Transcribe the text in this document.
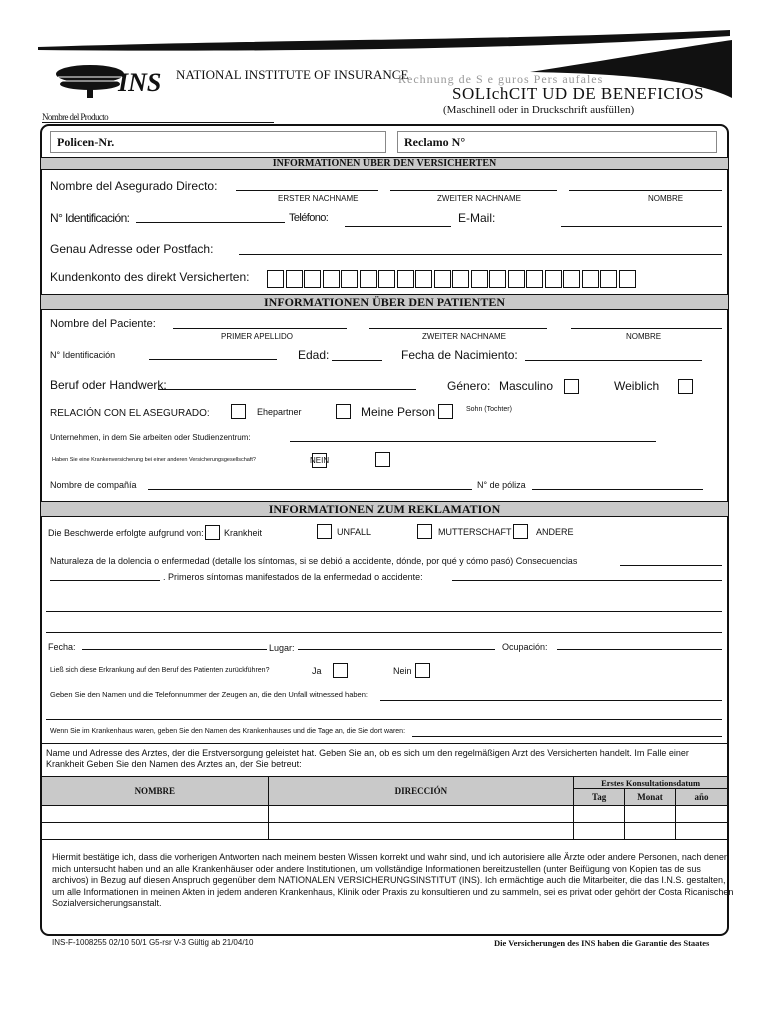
INS NATIONAL INSTITUTE OF INSURANCE
Rechnung de S e guros Pers aufales
SOLIchCIT UD DE BENEFICIOS
(Maschinell oder in Druckschrift ausfüllen)
Nombre del Producto
Policen-Nr.	Reclamo N°
INFORMATIONEN ÜBER DEN VERSICHERTEN
Nombre del Asegurado Directo:
ERSTER NACHNAME	ZWEITER NACHNAME	NOMBRE
N° Identificación:	Teléfono:	E-Mail:
Genau Adresse oder Postfach:
Kundenkonto des direkt Versicherten:
INFORMATIONEN ÜBER DEN PATIENTEN
Nombre del Paciente:
PRIMER APELLIDO	ZWEITER NACHNAME	NOMBRE
N° Identificación	Edad:	Fecha de Nacimiento:
Beruf oder Handwerk:	Género: Masculino	Weiblich
RELACIÓN CON EL ASEGURADO:	Ehepartner	Meine Person	Sohn (Tochter)
Unternehmen, in dem Sie arbeiten oder Studienzentrum:
Haben Sie eine Krankenversicherung bei einer anderen Versicherungsgesellschaft?	NEIN
Nombre de compañía	N° de póliza
INFORMATIONEN ZUM REKLAMATION
Die Beschwerde erfolgte aufgrund von: Krankheit	UNFALL	MUTTERSCHAFT	ANDERE
Naturaleza de la dolencia o enfermedad (detalle los síntomas, si se debió a accidente, dónde, por qué y cómo pasó) Consecuencias
. Primeros síntomas manifestados de la enfermedad o accidente:
Fecha:	Lugar:	Ocupación:
Ließ sich diese Erkrankung auf den Beruf des Patienten zurückführen?	Ja	Nein
Geben Sie den Namen und die Telefonnummer der Zeugen an, die den Unfall witnessed haben:
Wenn Sie im Krankenhaus waren, geben Sie den Namen des Krankenhauses und die Tage an, die Sie dort waren:
Name und Adresse des Arztes, der die Erstversorgung geleistet hat. Geben Sie an, ob es sich um den regelmäßigen Arzt des Versicherten handelt. Im Falle einer Krankheit Geben Sie den Namen des Arztes an, der Sie betreut:
NOMBRE	DIRECCIÓN	Erstes Konsultationsdatum		
		Tag	Monat	año

Hiermit bestätige ich, dass die vorherigen Antworten nach meinem besten Wissen korrekt und wahr sind, und ich autorisiere alle Ärzte oder andere Personen, nach denen mich untersucht haben und an alle Krankenhäuser oder andere Institutionen, um vollständige Informationen bereitzustellen (unter Beifügung von Kopien tas de sus archivos) in Bezug auf diesen Anspruch gegenüber dem NATIONALEN VERSICHERUNGSINSTITUT (INS). Ich ermächtige auch die Mitarbeiter, die das I.N.S. gestalten, um alle Informationen in meinen Akten in jedem anderen Krankenhaus, Klinik oder Praxis zu konsultieren und zu sammeln, sei es privat oder gehört der Costa Ricanischen Sozialversicherungsanstalt.
INS-F-1008255 02/10 50/1 G5-rsr V-3 Gültig ab 21/04/10	Die Versicherungen des INS haben die Garantie des Staates
